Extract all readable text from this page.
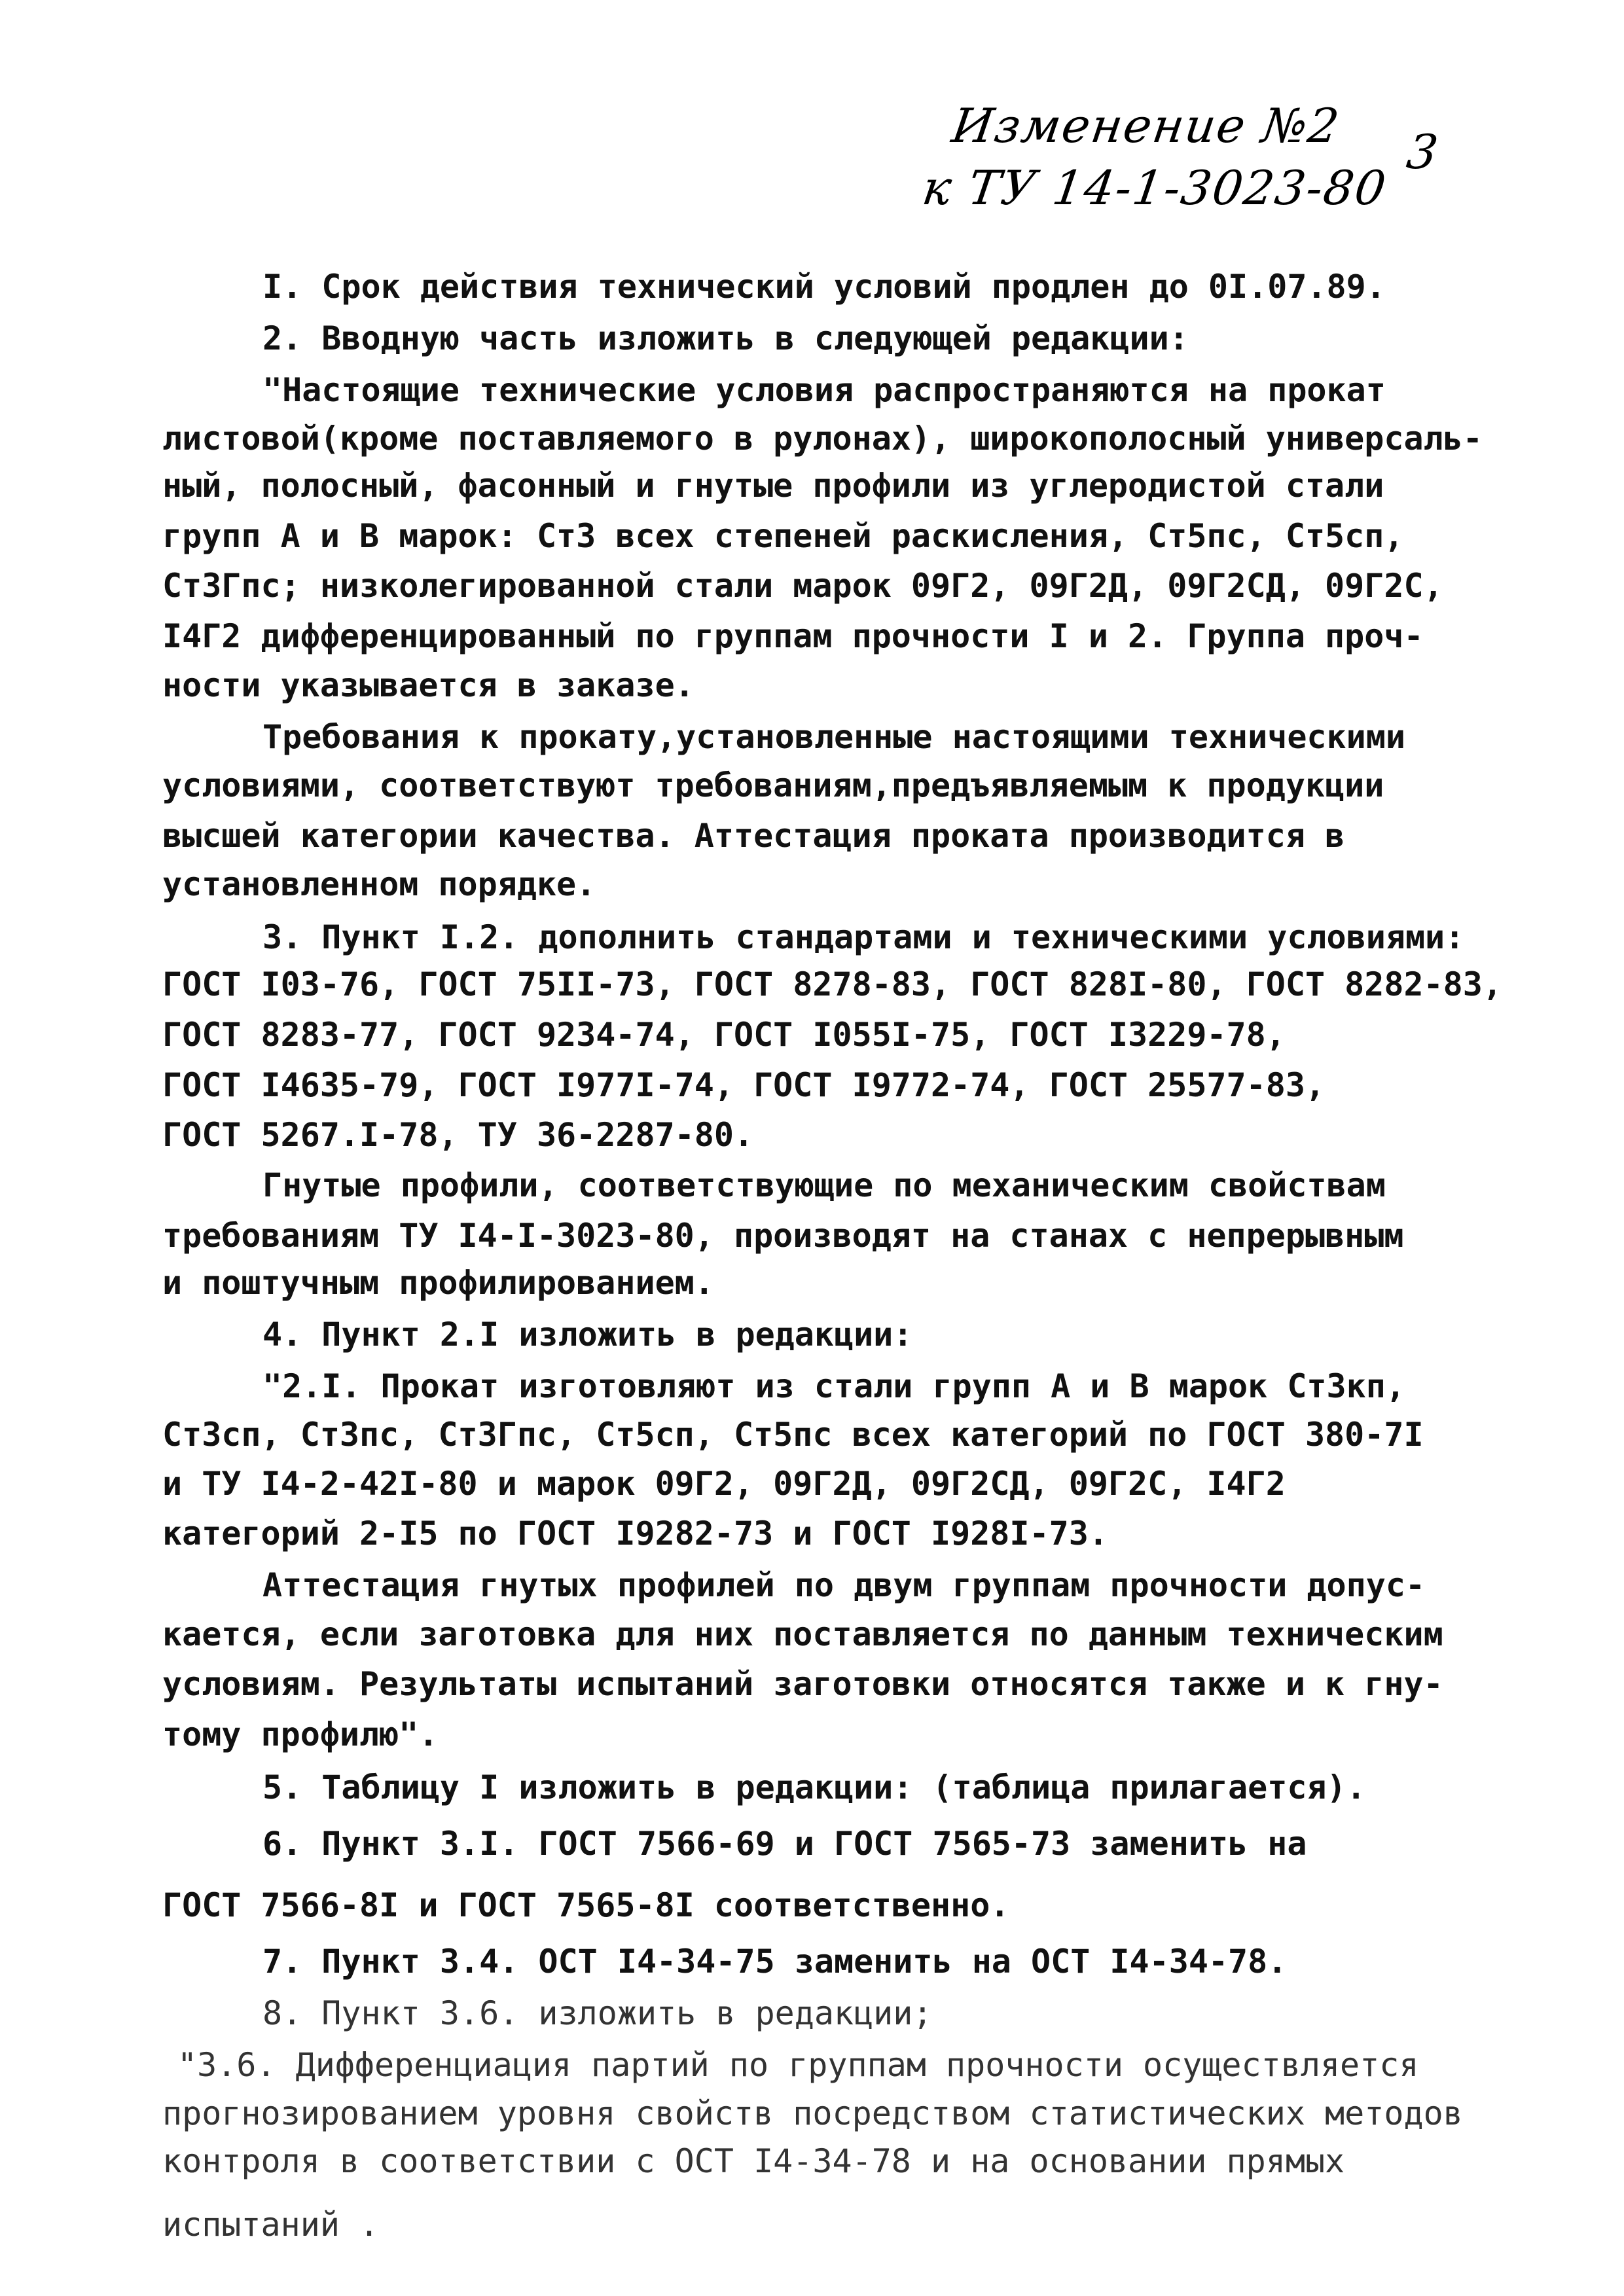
Изменение №2
к ТУ 14-1-3023-80
3
I. Срок действия технический условий продлен до 0I.07.89.
2. Вводную часть изложить в следующей редакции:
"Настоящие технические условия распространяются на прокат
листовой(кроме поставляемого в рулонах), широкополосный универсаль-
ный, полосный, фасонный и гнутые профили из углеродистой стали
групп А и В марок: Ст3 всех степеней раскисления, Ст5пс, Ст5сп,
Ст3Гпс; низколегированной стали марок 09Г2, 09Г2Д, 09Г2СД, 09Г2С,
I4Г2 дифференцированный по группам прочности I и 2. Группа проч-
ности указывается в заказе.
Требования к прокату,установленные настоящими техническими
условиями, соответствуют требованиям,предъявляемым к продукции
высшей категории качества. Аттестация проката производится в
установленном порядке.
3. Пункт I.2. дополнить стандартами и техническими условиями:
ГОСТ I03-76, ГОСТ 75II-73, ГОСТ 8278-83, ГОСТ 828I-80, ГОСТ 8282-83,
ГОСТ 8283-77, ГОСТ 9234-74, ГОСТ I055I-75, ГОСТ I3229-78,
ГОСТ I4635-79, ГОСТ I977I-74, ГОСТ I9772-74, ГОСТ 25577-83,
ГОСТ 5267.I-78, ТУ 36-2287-80.
Гнутые профили, соответствующие по механическим свойствам
требованиям ТУ I4-I-3023-80, производят на станах с непрерывным
и поштучным профилированием.
4. Пункт 2.I изложить в редакции:
"2.I. Прокат изготовляют из стали групп А и В марок Ст3кп,
Ст3сп, Ст3пс, Ст3Гпс, Ст5сп, Ст5пс всех категорий по ГОСТ 380-7I
и ТУ I4-2-42I-80 и марок 09Г2, 09Г2Д, 09Г2СД, 09Г2С, I4Г2
категорий 2-I5 по ГОСТ I9282-73 и ГОСТ I928I-73.
Аттестация гнутых профилей по двум группам прочности допус-
кается, если заготовка для них поставляется по данным техническим
условиям. Результаты испытаний заготовки относятся также и к гну-
тому профилю".
5. Таблицу I изложить в редакции: (таблица прилагается).
6. Пункт 3.I. ГОСТ 7566-69 и ГОСТ 7565-73 заменить на
ГОСТ 7566-8I и ГОСТ 7565-8I соответственно.
7. Пункт 3.4. ОСТ I4-34-75 заменить на ОСТ I4-34-78.
8. Пункт 3.6. изложить в редакции;
"3.6. Дифференциация партий по группам прочности осуществляется
прогнозированием уровня свойств посредством статистических методов
контроля в соответствии с ОСТ I4-34-78 и на основании прямых
испытаний .
